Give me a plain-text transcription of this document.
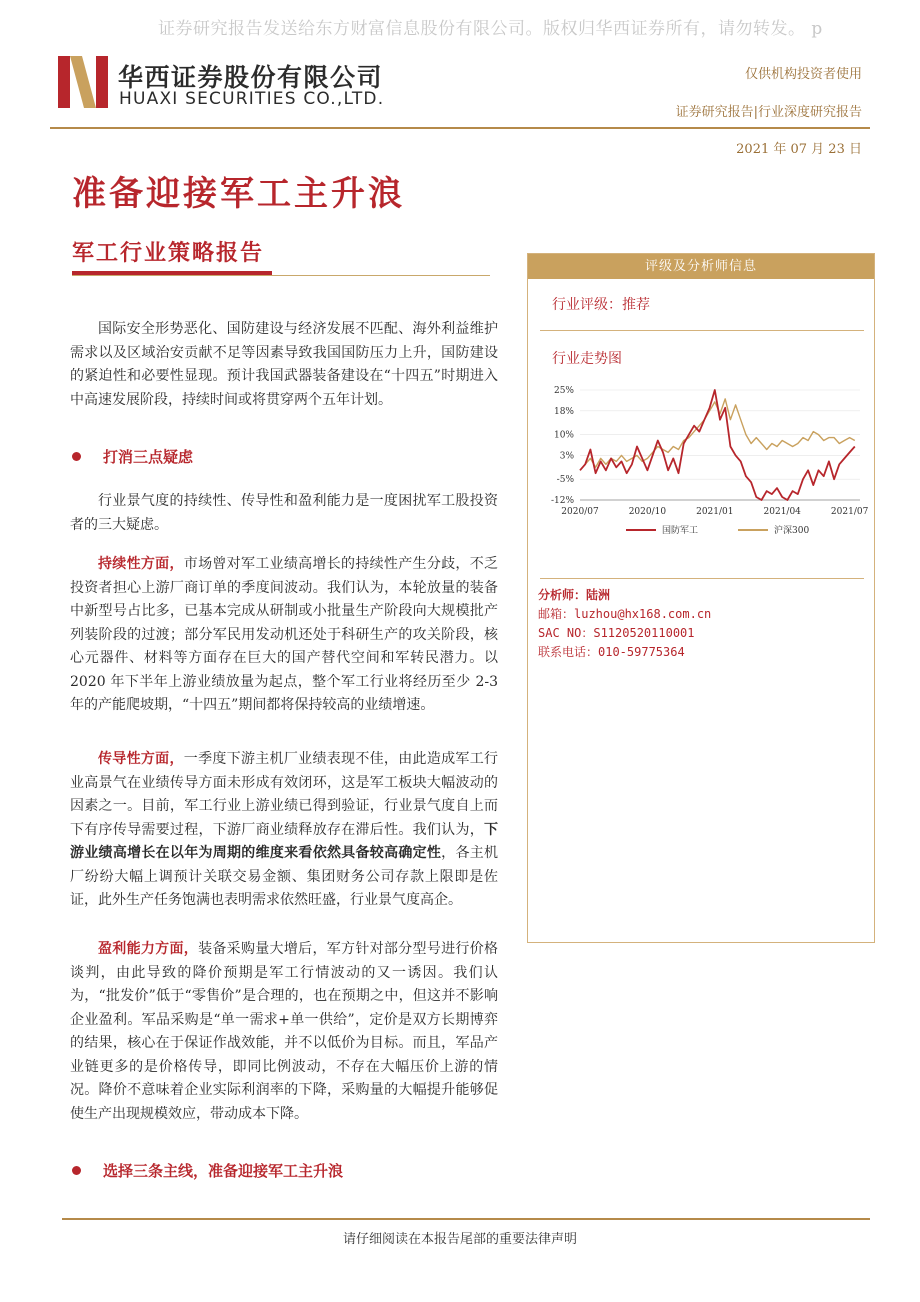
证券研究报告发送给东方财富信息股份有限公司。版权归华西证券所有，请勿转发。 p
华西证券股份有限公司
HUAXI SECURITIES CO.,LTD.
仅供机构投资者使用
证券研究报告|行业深度研究报告
2021 年 07 月 23 日
准备迎接军工主升浪
军工行业策略报告

国际安全形势恶化、国防建设与经济发展不匹配、海外利益维护需求以及区域治安贡献不足等因素导致我国国防压力上升，国防建设的紧迫性和必要性显现。预计我国武器装备建设在“十四五”时期进入中高速发展阶段，持续时间或将贯穿两个五年计划。

打消三点疑虑

行业景气度的持续性、传导性和盈利能力是一度困扰军工股投资者的三大疑虑。

持续性方面，市场曾对军工业绩高增长的持续性产生分歧，不乏投资者担心上游厂商订单的季度间波动。我们认为，本轮放量的装备中新型号占比多，已基本完成从研制或小批量生产阶段向大规模批产列装阶段的过渡；部分军民用发动机还处于科研生产的攻关阶段，核心元器件、材料等方面存在巨大的国产替代空间和军转民潜力。以 2020 年下半年上游业绩放量为起点，整个军工行业将经历至少 2-3 年的产能爬坡期，“十四五”期间都将保持较高的业绩增速。

传导性方面，一季度下游主机厂业绩表现不佳，由此造成军工行业高景气在业绩传导方面未形成有效闭环，这是军工板块大幅波动的因素之一。目前，军工行业上游业绩已得到验证，行业景气度自上而下有序传导需要过程，下游厂商业绩释放存在滞后性。我们认为，下游业绩高增长在以年为周期的维度来看依然具备较高确定性，各主机厂纷纷大幅上调预计关联交易金额、集团财务公司存款上限即是佐证，此外生产任务饱满也表明需求依然旺盛，行业景气度高企。

盈利能力方面，装备采购量大增后，军方针对部分型号进行价格谈判，由此导致的降价预期是军工行情波动的又一诱因。我们认为，“批发价”低于“零售价”是合理的，也在预期之中，但这并不影响企业盈利。军品采购是“单一需求+单一供给”，定价是双方长期博弈的结果，核心在于保证作战效能，并不以低价为目标。而且，军品产业链更多的是价格传导，即同比例波动，不存在大幅压价上游的情况。降价不意味着企业实际利润率的下降，采购量的大幅提升能够促使生产出现规模效应，带动成本下降。

选择三条主线，准备迎接军工主升浪
评级及分析师信息
行业评级：推荐
行业走势图
25%
18%
10%
3%
-5%
-12%
2020/07	2020/10	2021/01	2021/04	2021/07
国防军工	沪深300
分析师：陆洲
邮箱：luzhou@hx168.com.cn
SAC NO：S1120520110001
联系电话：010-59775364
请仔细阅读在本报告尾部的重要法律声明
